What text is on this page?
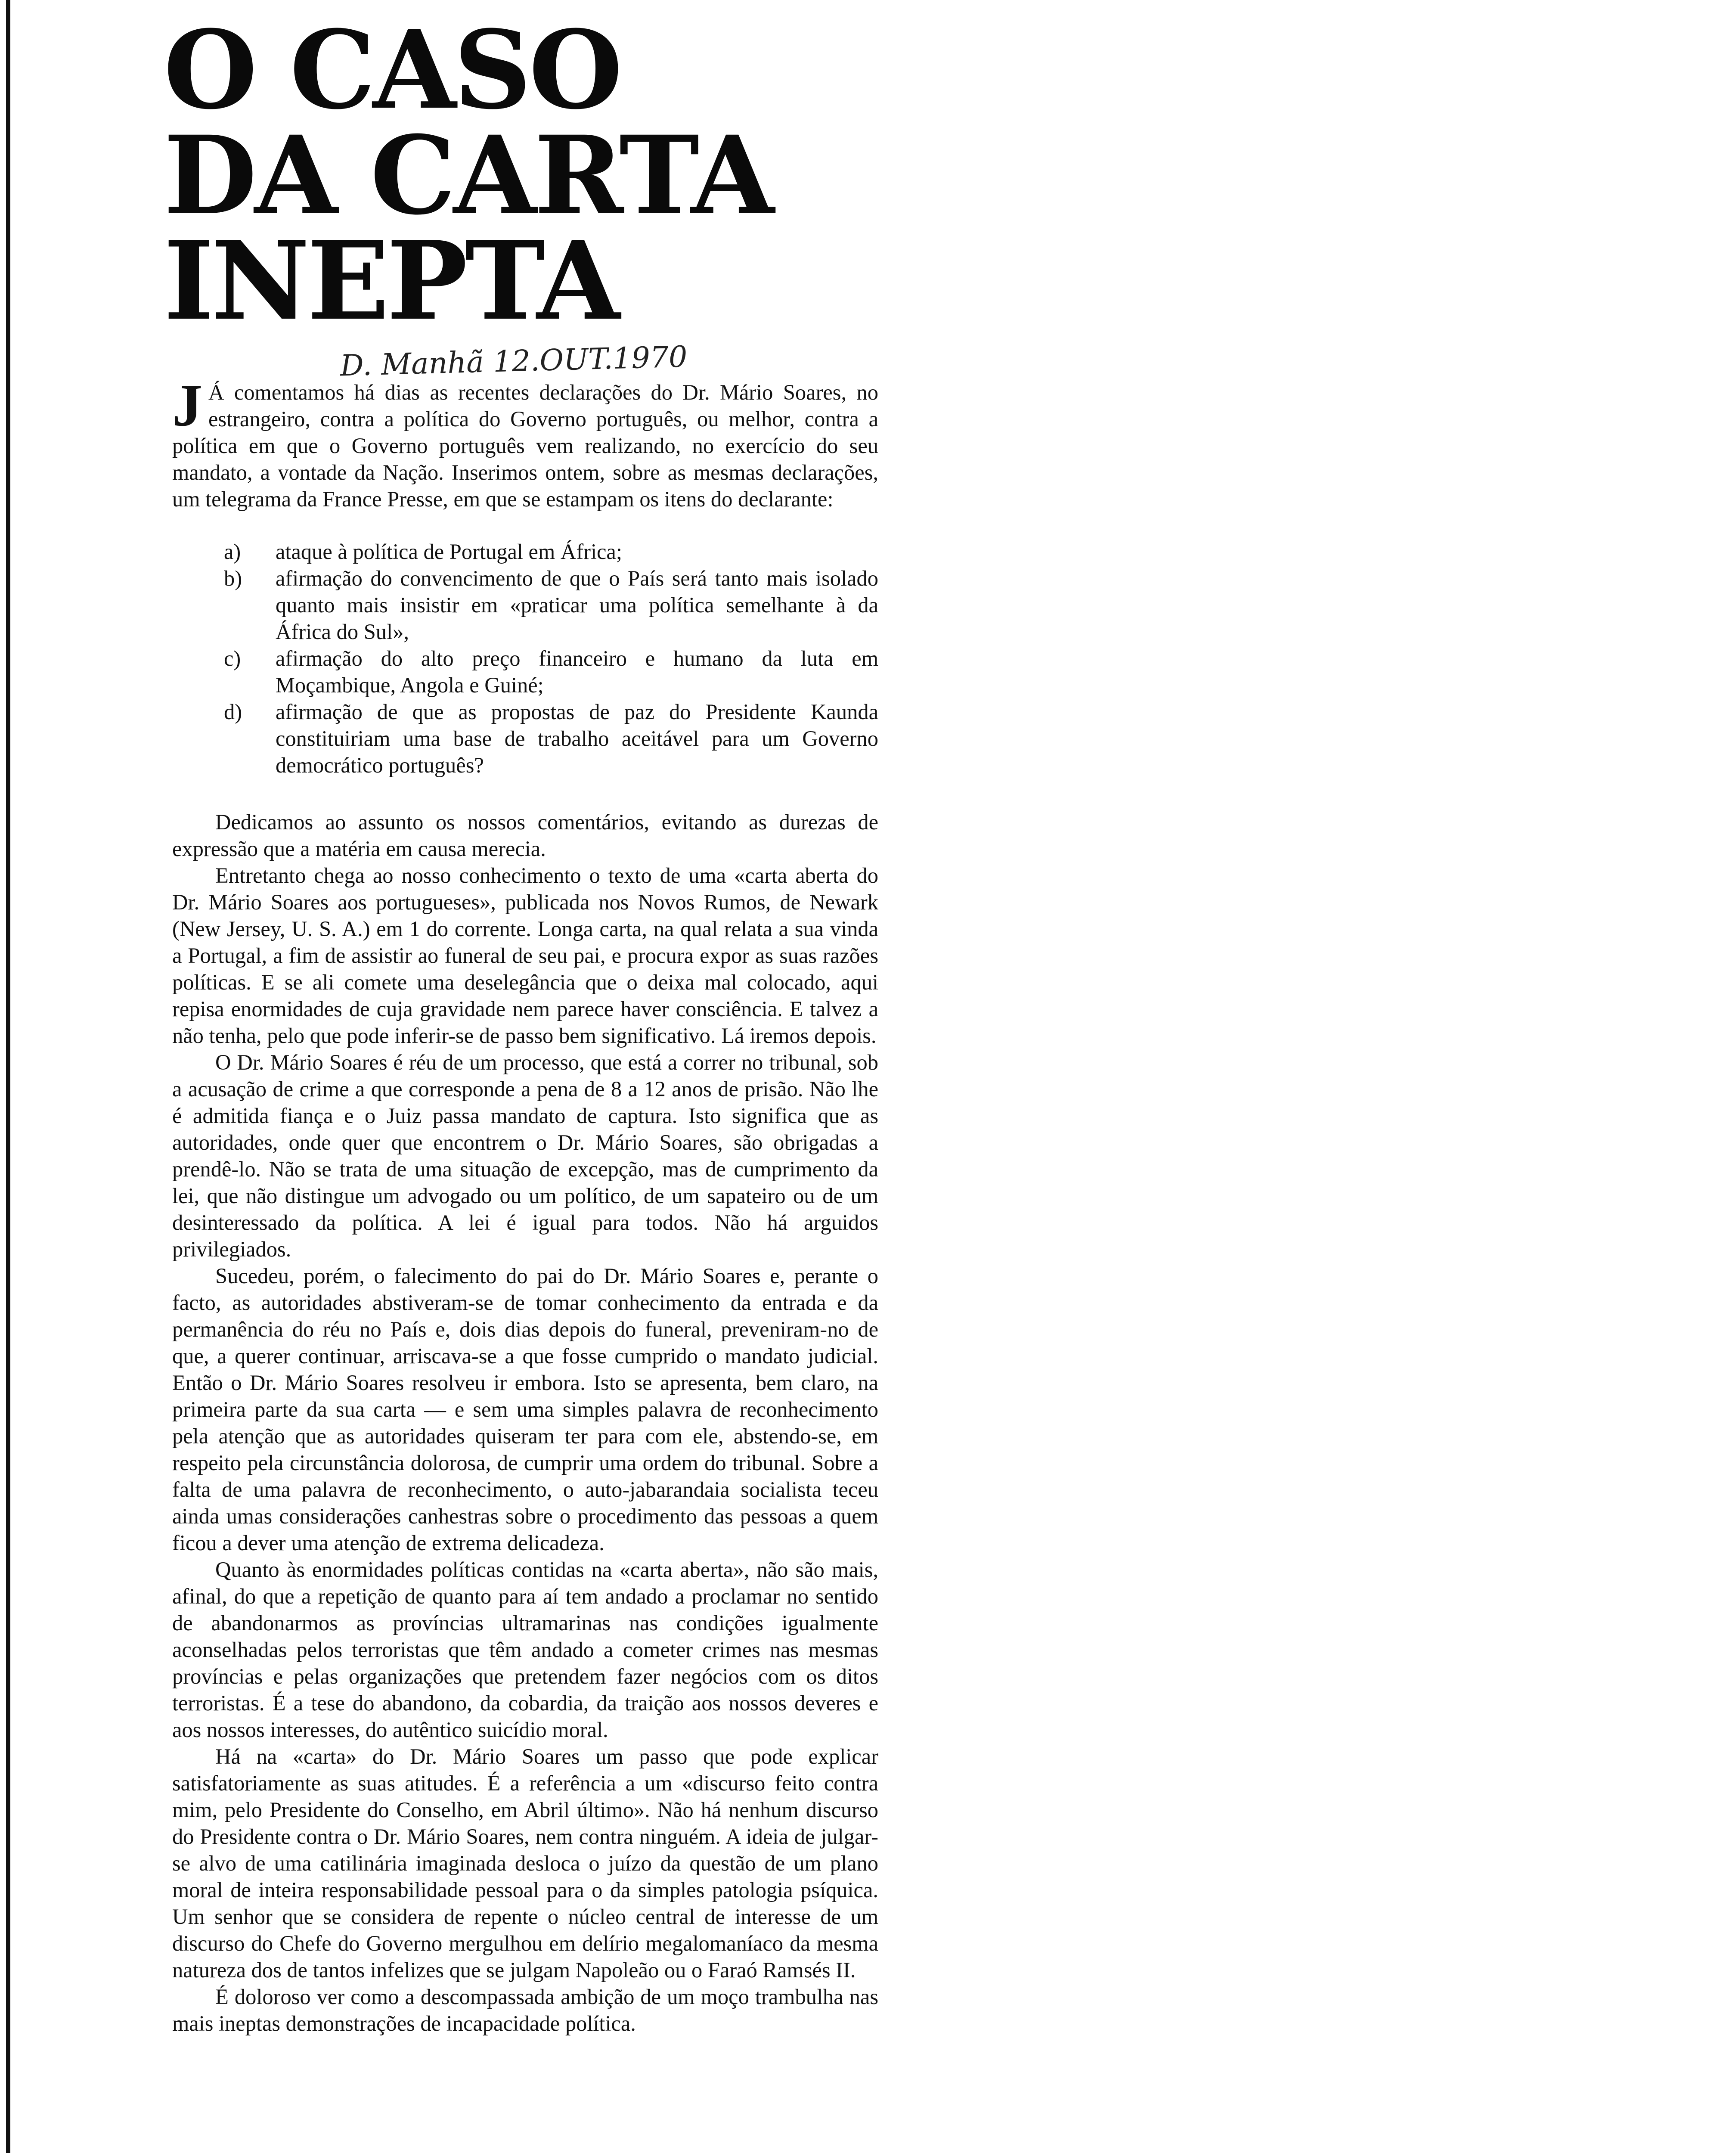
O CASO
DA CARTA
INEPTA
D. Manhã 12.OUT.1970

J Á comentamos há dias as recentes declarações do Dr. Mário Soares, no estrangeiro, contra a política do Governo português, ou melhor, contra a política em que o Governo português vem realizando, no exercício do seu mandato, a vontade da Nação. Inserimos ontem, sobre as mesmas declarações, um telegrama da France Presse, em que se estampam os itens do declarante:

a)	ataque à política de Portugal em África;
b)	afirmação do convencimento de que o País será tanto mais isolado quanto mais insistir em «praticar uma política semelhante à da África do Sul»,
c)	afirmação do alto preço financeiro e humano da luta em Moçambique, Angola e Guiné;
d)	afirmação de que as propostas de paz do Presidente Kaunda constituiriam uma base de trabalho aceitável para um Governo democrático português?

Dedicamos ao assunto os nossos comentários, evitando as durezas de expressão que a matéria em causa merecia.

Entretanto chega ao nosso conhecimento o texto de uma «carta aberta do Dr. Mário Soares aos portugueses», publicada nos Novos Rumos, de Newark (New Jersey, U. S. A.) em 1 do corrente. Longa carta, na qual relata a sua vinda a Portugal, a fim de assistir ao funeral de seu pai, e procura expor as suas razões políticas. E se ali comete uma deselegância que o deixa mal colocado, aqui repisa enormidades de cuja gravidade nem parece haver consciência. E talvez a não tenha, pelo que pode inferir-se de passo bem significativo. Lá iremos depois.

O Dr. Mário Soares é réu de um processo, que está a correr no tribunal, sob a acusação de crime a que corresponde a pena de 8 a 12 anos de prisão. Não lhe é admitida fiança e o Juiz passa mandato de captura. Isto significa que as autoridades, onde quer que encontrem o Dr. Mário Soares, são obrigadas a prendê-lo. Não se trata de uma situação de excepção, mas de cumprimento da lei, que não distingue um advogado ou um político, de um sapateiro ou de um desinteressado da política. A lei é igual para todos. Não há arguidos privilegiados.

Sucedeu, porém, o falecimento do pai do Dr. Mário Soares e, perante o facto, as autoridades abstiveram-se de tomar conhecimento da entrada e da permanência do réu no País e, dois dias depois do funeral, preveniram-no de que, a querer continuar, arriscava-se a que fosse cumprido o mandato judicial. Então o Dr. Mário Soares resolveu ir embora. Isto se apresenta, bem claro, na primeira parte da sua carta — e sem uma simples palavra de reconhecimento pela atenção que as autoridades quiseram ter para com ele, abstendo-se, em respeito pela circunstância dolorosa, de cumprir uma ordem do tribunal. Sobre a falta de uma palavra de reconhecimento, o auto-jabarandaia socialista teceu ainda umas considerações canhestras sobre o procedimento das pessoas a quem ficou a dever uma atenção de extrema delicadeza.

Quanto às enormidades políticas contidas na «carta aberta», não são mais, afinal, do que a repetição de quanto para aí tem andado a proclamar no sentido de abandonarmos as províncias ultramarinas nas condições igualmente aconselhadas pelos terroristas que têm andado a cometer crimes nas mesmas províncias e pelas organizações que pretendem fazer negócios com os ditos terroristas. É a tese do abandono, da cobardia, da traição aos nossos deveres e aos nossos interesses, do autêntico suicídio moral.

Há na «carta» do Dr. Mário Soares um passo que pode explicar satisfatoriamente as suas atitudes. É a referência a um «discurso feito contra mim, pelo Presidente do Conselho, em Abril último». Não há nenhum discurso do Presidente contra o Dr. Mário Soares, nem contra ninguém. A ideia de julgar-se alvo de uma catilinária imaginada desloca o juízo da questão de um plano moral de inteira responsabilidade pessoal para o da simples patologia psíquica. Um senhor que se considera de repente o núcleo central de interesse de um discurso do Chefe do Governo mergulhou em delírio megalomaníaco da mesma natureza dos de tantos infelizes que se julgam Napoleão ou o Faraó Ramsés II.

É doloroso ver como a descompassada ambição de um moço trambulha nas mais ineptas demonstrações de incapacidade política.
